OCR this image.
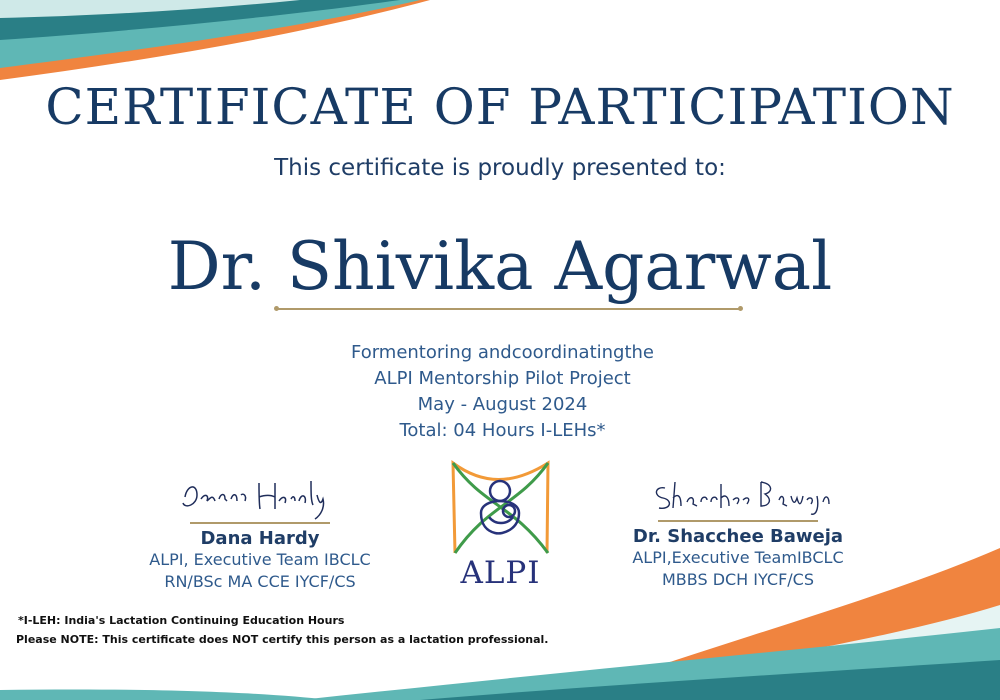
CERTIFICATE OF PARTICIPATION
This certificate is proudly presented to:
Dr. Shivika Agarwal
Formentoring andcoordinatingthe
ALPI Mentorship Pilot Project
May - August 2024
Total: 04 Hours I-LEHs*
Dana Hardy
ALPI, Executive Team IBCLC
RN/BSc MA CCE IYCF/CS	ALPI
Dr. Shacchee Baweja
ALPI,Executive TeamIBCLC
MBBS DCH IYCF/CS
*I-LEH: India's Lactation Continuing Education Hours
Please NOTE: This certificate does NOT certify this person as a lactation professional.
